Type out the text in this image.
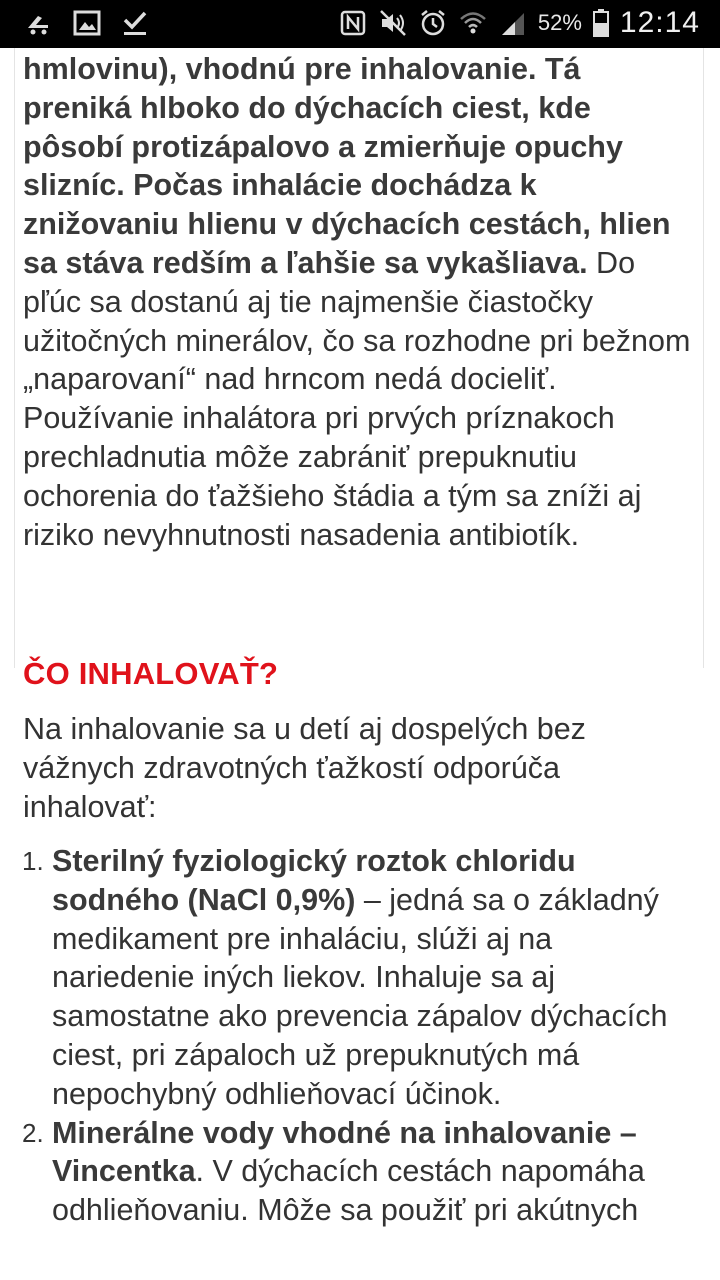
52% 12:14

hmlovinu), vhodnú pre inhalovanie. Tá preniká hlboko do dýchacích ciest, kde pôsobí protizápalovo a zmierňuje opuchy slizníc. Počas inhalácie dochádza k znižovaniu hlienu v dýchacích cestách, hlien sa stáva redším a ľahšie sa vykašliava. Do pľúc sa dostanú aj tie najmenšie čiastočky užitočných minerálov, čo sa rozhodne pri bežnom „naparovaní“ nad hrncom nedá docieliť. Používanie inhalátora pri prvých príznakoch prechladnutia môže zabrániť prepuknutiu ochorenia do ťažšieho štádia a tým sa zníži aj riziko nevyhnutnosti nasadenia antibiotík.

ČO INHALOVAŤ?

Na inhalovanie sa u detí aj dospelých bez vážnych zdravotných ťažkostí odporúča inhalovať:

1. Sterilný fyziologický roztok chloridu sodného (NaCl 0,9%) – jedná sa o základný medikament pre inhaláciu, slúži aj na nariedenie iných liekov. Inhaluje sa aj samostatne ako prevencia zápalov dýchacích ciest, pri zápaloch už prepuknutých má nepochybný odhlieňovací účinok.
2. Minerálne vody vhodné na inhalovanie – Vincentka. V dýchacích cestách napomáha odhlieňovaniu. Môže sa použiť pri akútnych
